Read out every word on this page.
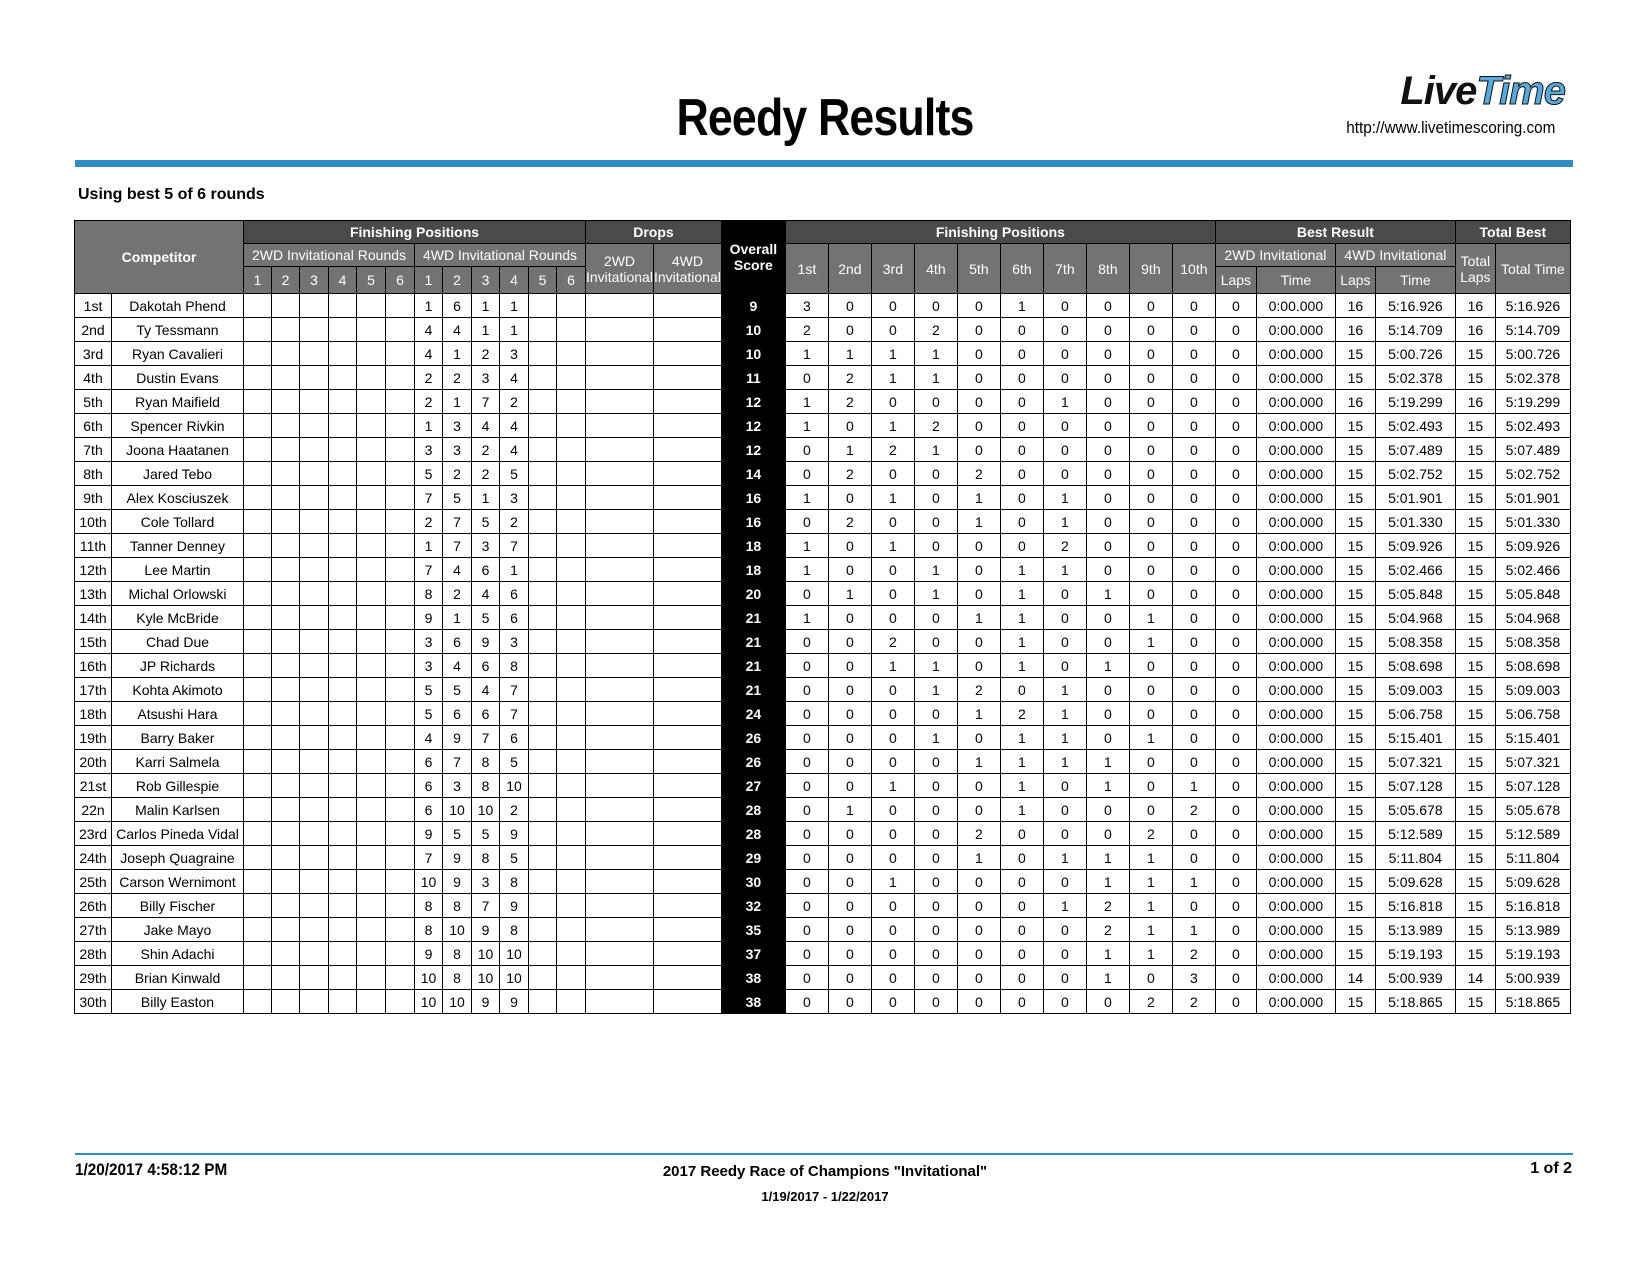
Reedy Results	LiveTime
http://www.livetimescoring.com
Using best 5 of 6 rounds
Competitor		Finishing Positions												Drops		Overall Score	Finishing Positions										Best Result				Total Best	
		2WD Invitational Rounds						4WD Invitational Rounds						2WD Invitational	4WD Invitational		1st	2nd	3rd	4th	5th	6th	7th	8th	9th	10th	2WD Invitational		4WD Invitational		Total Laps	Total Time
		1	2	3	4	5	6	1	2	3	4	5	6														Laps	Time	Laps	Time		
1st	Dakotah Phend							1	6	1	1					9	3	0	0	0	0	1	0	0	0	0	0	0:00.000	16	5:16.926	16	5:16.926
2nd	Ty Tessmann							4	4	1	1					10	2	0	0	2	0	0	0	0	0	0	0	0:00.000	16	5:14.709	16	5:14.709
3rd	Ryan Cavalieri							4	1	2	3					10	1	1	1	1	0	0	0	0	0	0	0	0:00.000	15	5:00.726	15	5:00.726
4th	Dustin Evans							2	2	3	4					11	0	2	1	1	0	0	0	0	0	0	0	0:00.000	15	5:02.378	15	5:02.378
5th	Ryan Maifield							2	1	7	2					12	1	2	0	0	0	0	1	0	0	0	0	0:00.000	16	5:19.299	16	5:19.299
6th	Spencer Rivkin							1	3	4	4					12	1	0	1	2	0	0	0	0	0	0	0	0:00.000	15	5:02.493	15	5:02.493
7th	Joona Haatanen							3	3	2	4					12	0	1	2	1	0	0	0	0	0	0	0	0:00.000	15	5:07.489	15	5:07.489
8th	Jared Tebo							5	2	2	5					14	0	2	0	0	2	0	0	0	0	0	0	0:00.000	15	5:02.752	15	5:02.752
9th	Alex Kosciuszek							7	5	1	3					16	1	0	1	0	1	0	1	0	0	0	0	0:00.000	15	5:01.901	15	5:01.901
10th	Cole Tollard							2	7	5	2					16	0	2	0	0	1	0	1	0	0	0	0	0:00.000	15	5:01.330	15	5:01.330
11th	Tanner Denney							1	7	3	7					18	1	0	1	0	0	0	2	0	0	0	0	0:00.000	15	5:09.926	15	5:09.926
12th	Lee Martin							7	4	6	1					18	1	0	0	1	0	1	1	0	0	0	0	0:00.000	15	5:02.466	15	5:02.466
13th	Michal Orlowski							8	2	4	6					20	0	1	0	1	0	1	0	1	0	0	0	0:00.000	15	5:05.848	15	5:05.848
14th	Kyle McBride							9	1	5	6					21	1	0	0	0	1	1	0	0	1	0	0	0:00.000	15	5:04.968	15	5:04.968
15th	Chad Due							3	6	9	3					21	0	0	2	0	0	1	0	0	1	0	0	0:00.000	15	5:08.358	15	5:08.358
16th	JP Richards							3	4	6	8					21	0	0	1	1	0	1	0	1	0	0	0	0:00.000	15	5:08.698	15	5:08.698
17th	Kohta Akimoto							5	5	4	7					21	0	0	0	1	2	0	1	0	0	0	0	0:00.000	15	5:09.003	15	5:09.003
18th	Atsushi Hara							5	6	6	7					24	0	0	0	0	1	2	1	0	0	0	0	0:00.000	15	5:06.758	15	5:06.758
19th	Barry Baker							4	9	7	6					26	0	0	0	1	0	1	1	0	1	0	0	0:00.000	15	5:15.401	15	5:15.401
20th	Karri Salmela							6	7	8	5					26	0	0	0	0	1	1	1	1	0	0	0	0:00.000	15	5:07.321	15	5:07.321
21st	Rob Gillespie							6	3	8	10					27	0	0	1	0	0	1	0	1	0	1	0	0:00.000	15	5:07.128	15	5:07.128
22n	Malin Karlsen							6	10	10	2					28	0	1	0	0	0	1	0	0	0	2	0	0:00.000	15	5:05.678	15	5:05.678
23rd	Carlos Pineda Vidal							9	5	5	9					28	0	0	0	0	2	0	0	0	2	0	0	0:00.000	15	5:12.589	15	5:12.589
24th	Joseph Quagraine							7	9	8	5					29	0	0	0	0	1	0	1	1	1	0	0	0:00.000	15	5:11.804	15	5:11.804
25th	Carson Wernimont							10	9	3	8					30	0	0	1	0	0	0	0	1	1	1	0	0:00.000	15	5:09.628	15	5:09.628
26th	Billy Fischer							8	8	7	9					32	0	0	0	0	0	0	1	2	1	0	0	0:00.000	15	5:16.818	15	5:16.818
27th	Jake Mayo							8	10	9	8					35	0	0	0	0	0	0	0	2	1	1	0	0:00.000	15	5:13.989	15	5:13.989
28th	Shin Adachi							9	8	10	10					37	0	0	0	0	0	0	0	1	1	2	0	0:00.000	15	5:19.193	15	5:19.193
29th	Brian Kinwald							10	8	10	10					38	0	0	0	0	0	0	0	1	0	3	0	0:00.000	14	5:00.939	14	5:00.939
30th	Billy Easton							10	10	9	9					38	0	0	0	0	0	0	0	0	2	2	0	0:00.000	15	5:18.865	15	5:18.865
1/20/2017 4:58:12 PM	2017 Reedy Race of Champions "Invitational"
1/19/2017 - 1/22/2017
1 of 2
